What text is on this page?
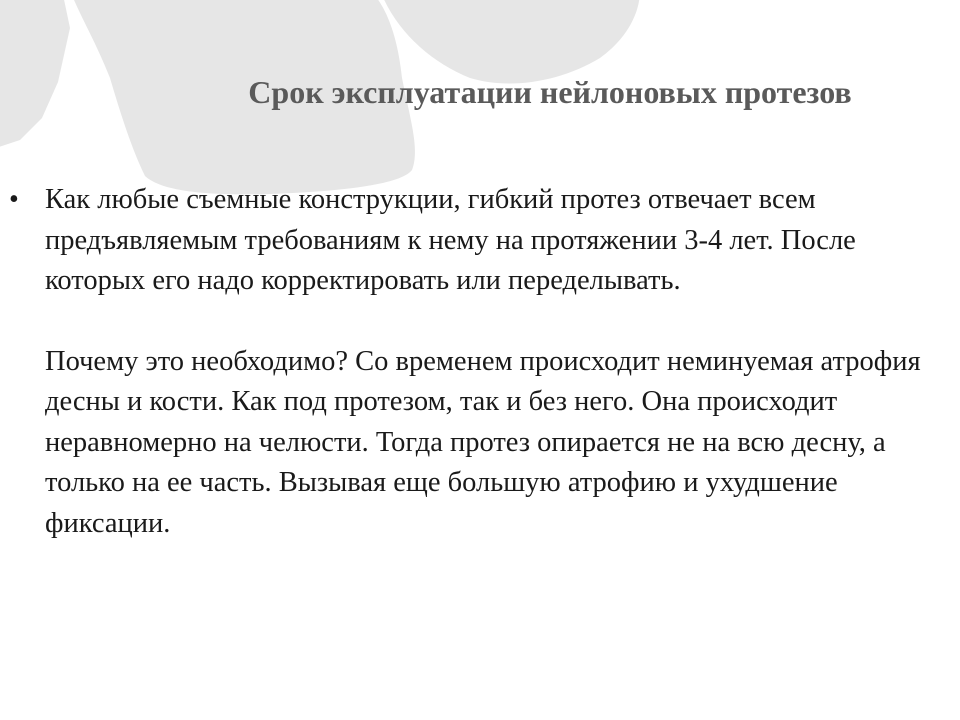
Срок эксплуатации нейлоновых протезов
• Как любые съемные конструкции, гибкий протез отвечает всем предъявляемым требованиям к нему на протяжении 3-4 лет. После которых его надо корректировать или переделывать.

Почему это необходимо? Со временем происходит неминуемая атрофия десны и кости. Как под протезом, так и без него. Она происходит неравномерно на челюсти. Тогда протез опирается не на всю десну, а только на ее часть. Вызывая еще большую атрофию и ухудшение фиксации.
